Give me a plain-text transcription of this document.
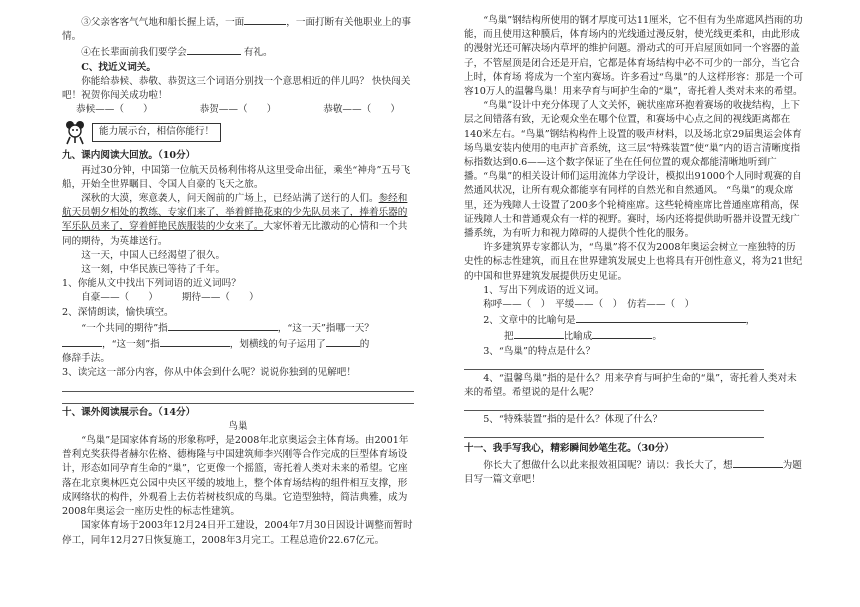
③父亲客客气气地和船长握上话，一面	，一面打断有关他职业上的事情。

④在长辈面前我们要学会	有礼。

C、找近义词关。

你能给恭候、恭敬、恭贺这三个词语分别找一个意思相近的伴儿吗？ 快快闯关吧！祝贺你闯关成功啦！

恭候——（　　 ）	恭贺——（　　 ）	恭敬——（　　 ）
能力展示台，相信你能行！

九、课内阅读大回放。（10分）

再过30分钟，中国第一位航天员杨利伟将从这里受命出征，乘坐“神舟”五号飞船，开始全世界瞩目、令国人自豪的飞天之旅。

深秋的大漠，寒意袭人，问天阁前的广场上，已经站满了送行的人们。参经和航天员朝夕相处的教练、专家们来了，举着鲜艳花束的少先队员来了，捧着乐器的军乐队员来了，穿着鲜艳民族服装的少女来了。大家怀着无比激动的心情和一个共同的期待，为英雄送行。

这一天，中国人已经渴望了很久。

这一刻，中华民族已等待了千年。

1、你能从文中找出下列词语的近义词吗？

自豪——（　　 ）　　　	期待——（　　 ）

2、深情朗读，愉快填空。

“一个共同的期待”指	，“这一天”指哪一天？

，“这一刻”指	，划横线的句子运用了	的

修辞手法。

3、读完这一部分内容，你从中体会到什么呢？说说你独到的见解吧！

十、课外阅读展示台。（14分）

鸟巢

“鸟巢”是国家体育场的形象称呼，是2008年北京奥运会主体育场。由2001年普利克奖获得者赫尔佐格、德梅隆与中国建筑师李兴刚等合作完成的巨型体育场设计，形态如同孕育生命的“巢”，它更像一个摇篮，寄托着人类对未来的希望。它座落在北京奥林匹克公园中央区平缓的坡地上，整个体育场结构的组件相互支撑，形成网络状的构件，外观看上去仿若树枝织成的鸟巢。它造型独特，简洁典雅，成为2008年奥运会一座历史性的标志性建筑。

国家体育场于2003年12月24日开工建设，2004年7月30日因设计调整而暂时停工，同年12月27日恢复施工，2008年3月完工。工程总造价22.67亿元。

“鸟巢”钢结构所使用的钢才厚度可达11厘米，它不但有为坐席遮风挡雨的功能，而且使用这种膜后，体育场内的光线通过漫反射，使光线更柔和，由此形成的漫射光还可解决场内草坪的维护问题。滑动式的可开启屋顶如同一个容器的盖子，不管屋顶是闭合还是开启，它都是体育场结构中必不可少的一部分，当它合上时，体育场 将成为一个室内赛场。许多看过“鸟巢”的人这样形容：那是一个可容10万人的温馨鸟巢！用来孕育与呵护生命的“巢”，寄托着人类对未来的希望。

“鸟巢”设计中充分体现了人文关怀，碗状座席环抱着赛场的收拢结构，上下层之间错落有致，无论观众坐在哪个位置，和赛场中心点之间的视线距离都在140米左右。“鸟巢”钢结构构件上设置的吸声材料，以及场北京29届奥运会体育场鸟巢安装内使用的电声扩音系统，这三层“特殊装置”使“巢”内的语言清晰度指标指数达到0.6——这个数字保证了坐在任何位置的观众都能清晰地听到广播。“鸟巢”的相关设计师们运用流体力学设计，模拟出91000个人同时观赛的自然通风状况，让所有观众都能享有同样的自然光和自然通风。 “鸟巢”的观众席里，还为残障人士设置了200多个轮椅座席。这些轮椅座席比普通座席稍高，保证残障人士和普通观众有一样的视野。赛时，场内还将提供助听器并设置无线广播系统，为有听力和视力障碍的人提供个性化的服务。

许多建筑界专家都认为，“鸟巢”将不仅为2008年奥运会树立一座独特的历史性的标志性建筑，而且在世界建筑发展史上也将具有开创性意义，将为21世纪的中国和世界建筑发展提供历史见证。

1、写出下列成语的近义词。

称呼——（　 ）　 平缓——（　 ）　 仿若——（　 ）

2、文章中的比喻句是	，

把	比喻成	。

3、“鸟巢”的特点是什么？

4、“温馨鸟巢”指的是什么？用来孕育与呵护生命的“巢”，寄托着人类对未来的希望。希望说的是什么呢？

5、“特殊装置”指的是什么？体现了什么？

十一、我手写我心，精彩瞬间妙笔生花。（30分）

你长大了想做什么以此来报效祖国呢？请以：我长大了，想	为题目写一篇文章吧！
